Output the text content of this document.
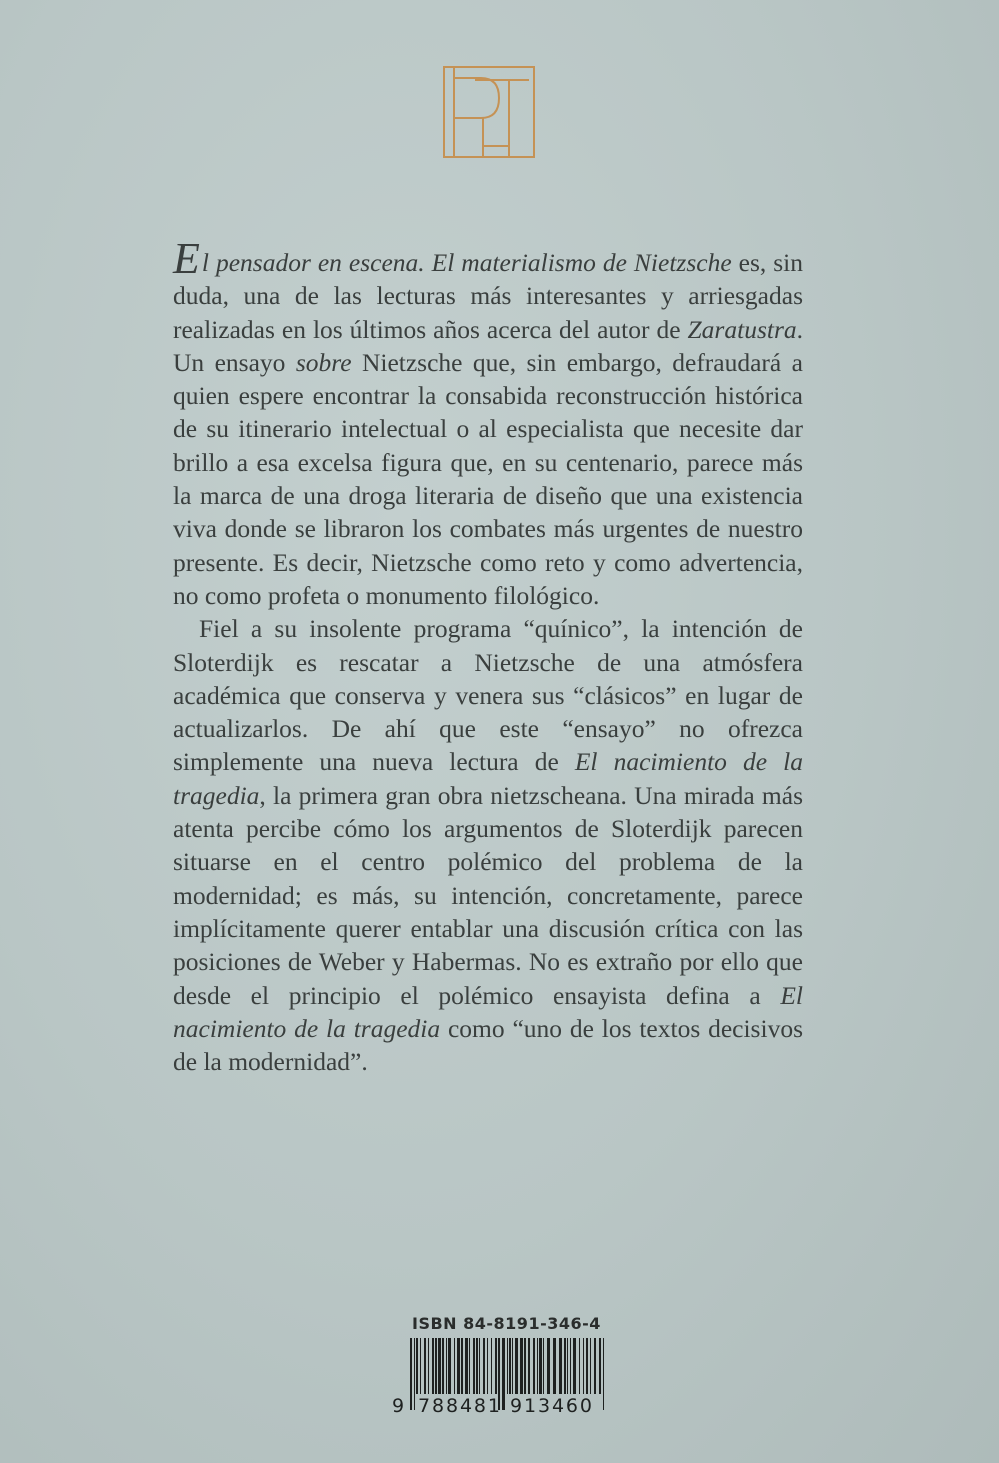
El pensador en escena. El materialismo de Nietzsche es, sin duda, una de las lecturas más interesantes y arriesgadas realizadas en los últimos años acerca del autor de Zaratustra. Un ensayo sobre Nietzsche que, sin embargo, defraudará a quien espere encontrar la consabida reconstrucción histórica de su itinerario intelectual o al especialista que necesite dar brillo a esa excelsa figura que, en su centenario, parece más la marca de una droga literaria de diseño que una existencia viva donde se libraron los combates más urgentes de nuestro presente. Es decir, Nietzsche como reto y como advertencia, no como profeta o monumento filológico.

Fiel a su insolente programa “quínico”, la intención de Sloterdijk es rescatar a Nietzsche de una atmósfera académica que conserva y venera sus “clásicos” en lugar de actualizarlos. De ahí que este “ensayo” no ofrezca simplemente una nueva lectura de El nacimiento de la tragedia, la primera gran obra nietzscheana. Una mirada más atenta percibe cómo los argumentos de Sloterdijk parecen situarse en el centro polémico del problema de la modernidad; es más, su intención, concretamente, parece implícitamente querer entablar una discusión crítica con las posiciones de Weber y Habermas. No es extraño por ello que desde el principio el polémico ensayista defina a El nacimiento de la tragedia como “uno de los textos decisivos de la modernidad”.

ISBN 84-8191-346-4
9 788481 913460
